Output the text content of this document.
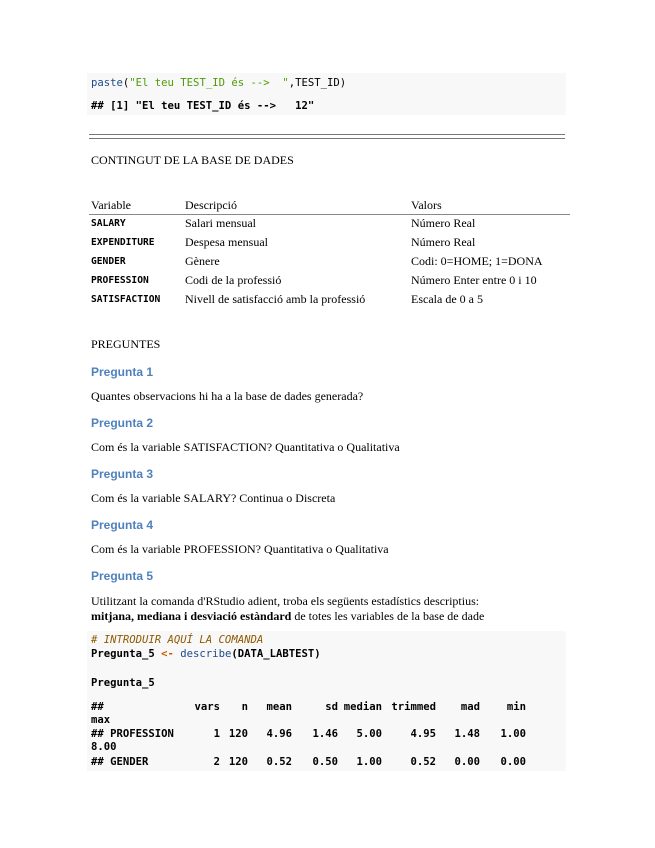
paste("El teu TEST_ID és -->  ",TEST_ID)
## [1] "El teu TEST_ID és -->   12"
CONTINGUT DE LA BASE DE DADES
Variable	Descripció	Valors
SALARY	Salari mensual	Número Real
EXPENDITURE	Despesa mensual	Número Real
GENDER	Gènere	Codi: 0=HOME; 1=DONA
PROFESSION	Codi de la professió	Número Enter entre 0 i 10
SATISFACTION Nivell de satisfacció amb la professió	Escala de 0 a 5
PREGUNTES
Pregunta 1
Quantes observacions hi ha a la base de dades generada?
Pregunta 2
Com és la variable SATISFACTION? Quantitativa o Qualitativa
Pregunta 3
Com és la variable SALARY? Continua o Discreta
Pregunta 4
Com és la variable PROFESSION? Quantitativa o Qualitativa
Pregunta 5
Utilitzant la comanda d'RStudio adient, troba els següents estadístics descriptius:
mitjana, mediana i desviació estàndard de totes les variables de la base de dade
# INTRODUIR AQUÍ LA COMANDA
Pregunta_5 <- describe(DATA_LABTEST)
Pregunta_5
##	vars	n	mean	sd median trimmed	mad	min
max
## PROFESSION	1 120	4.96	1.46	5.00	4.95	1.48	1.00
8.00
## GENDER	2 120	0.52	0.50	1.00	0.52	0.00	0.00
